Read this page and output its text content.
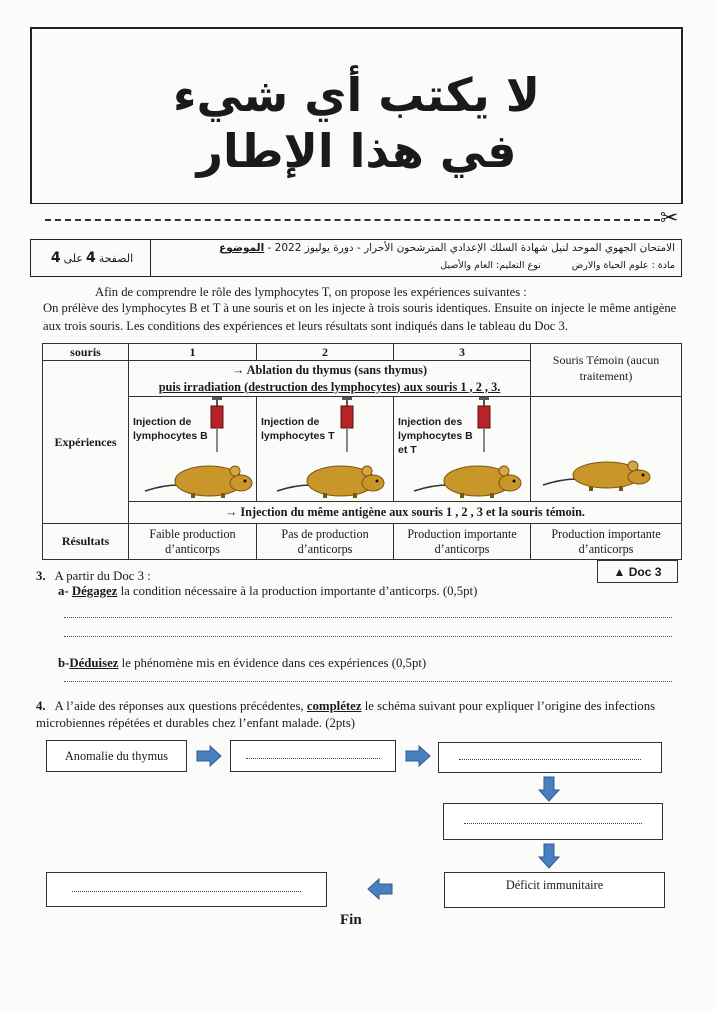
لا يكتب أي شيء
في هذا الإطار
✂
الصفحة
4
على
4
الامتحان الجهوي الموحد لنيل شهادة السلك الإعدادي المترشحون الأحرار - دورة يوليوز 2022 - الموضوع
مادة : علوم الحياة والارض نوع التعليم: العام والأصيل
Afin de comprendre le rôle des lymphocytes T, on propose les expériences suivantes :
On prélève des lymphocytes B et T à une souris et on les injecte à trois souris identiques. Ensuite on injecte le même antigène aux trois souris. Les conditions des expériences et leurs résultats sont indiqués dans le tableau du Doc 3.
souris	1	2	3	Souris Témoin (aucun traitement)
Expériences	→ Ablation du thymus (sans thymus)
puis irradiation (destruction des lymphocytes) aux souris 1 , 2 , 3.			

	Injection de lymphocytes B	Injection de lymphocytes T	Injection des lymphocytes B et T

	→ Injection du même antigène aux souris 1 , 2 , 3 et la souris témoin.			
Résultats	Faible production d’anticorps	Pas de production d’anticorps	Production importante d’anticorps	Production importante d’anticorps
▲ Doc 3
3. A partir du Doc 3 :
a- Dégagez la condition nécessaire à la production importante d’anticorps. (0,5pt)
b-Déduisez le phénomène mis en évidence dans ces expériences (0,5pt)
4. A l’aide des réponses aux questions précédentes, complétez le schéma suivant pour expliquer l’origine des infections microbiennes répétées et durables chez l’enfant malade. (2pts)
Anomalie du thymus
Déficit immunitaire
Fin
